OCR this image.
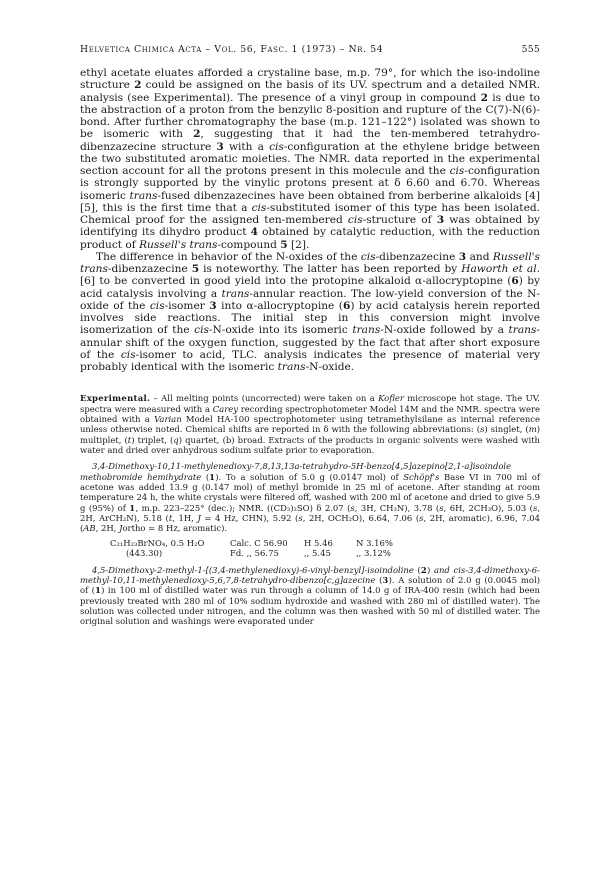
Helvetica Chimica Acta – Vol. 56, Fasc. 1 (1973) – Nr. 54	555

ethyl acetate eluates afforded a crystaline base, m.p. 79°, for which the iso-indoline structure 2 could be assigned on the basis of its UV. spectrum and a detailed NMR. analysis (see Experimental). The presence of a vinyl group in compound 2 is due to the abstraction of a proton from the benzylic 8-position and rupture of the C(7)-N(6)-bond. After further chromatography the base (m.p. 121–122°) isolated was shown to be isomeric with 2, suggesting that it had the ten-membered tetrahydro-dibenzazecine structure 3 with a cis-configuration at the ethylene bridge between the two substituted aromatic moieties. The NMR. data reported in the experimental section account for all the protons present in this molecule and the cis-configuration is strongly supported by the vinylic protons present at δ 6.60 and 6.70. Whereas isomeric trans-fused dibenzazecines have been obtained from berberine alkaloids [4] [5], this is the first time that a cis-substituted isomer of this type has been isolated. Chemical proof for the assigned ten-membered cis-structure of 3 was obtained by identifying its dihydro product 4 obtained by catalytic reduction, with the reduction product of Russell's trans-compound 5 [2].

The difference in behavior of the N-oxides of the cis-dibenzazecine 3 and Russell's trans-dibenzazecine 5 is noteworthy. The latter has been reported by Haworth et al. [6] to be converted in good yield into the protopine alkaloid α-allocryptopine (6) by acid catalysis involving a trans-annular reaction. The low-yield conversion of the N-oxide of the cis-isomer 3 into α-allocryptopine (6) by acid catalysis herein reported involves side reactions. The initial step in this conversion might involve isomerization of the cis-N-oxide into its isomeric trans-N-oxide followed by a trans-annular shift of the oxygen function, suggested by the fact that after short exposure of the cis-isomer to acid, TLC. analysis indicates the presence of material very probably identical with the isomeric trans-N-oxide.

Experimental. – All melting points (uncorrected) were taken on a Kofler microscope hot stage. The UV. spectra were measured with a Carey recording spectrophotometer Model 14M and the NMR. spectra were obtained with a Varian Model HA-100 spectrophotometer using tetramethylsilane as internal reference unless otherwise noted. Chemical shifts are reported in δ with the following abbreviations: (s) singlet, (m) multiplet, (t) triplet, (q) quartet, (b) broad. Extracts of the products in organic solvents were washed with water and dried over anhydrous sodium sulfate prior to evaporation.

3,4-Dimethoxy-10,11-methylenedioxy-7,8,13,13a-tetrahydro-5H-benzo[4,5]azepino[2,1-a]isoindole methobromide hemihydrate (1). To a solution of 5.0 g (0.0147 mol) of Schöpf's Base VI in 700 ml of acetone was added 13.9 g (0.147 mol) of methyl bromide in 25 ml of acetone. After standing at room temperature 24 h, the white crystals were filtered off, washed with 200 ml of acetone and dried to give 5.9 g (95%) of 1, m.p. 223–225° (dec.); NMR. ((CD₃)₂SO) δ 2.07 (s, 3H, CH₃N), 3.78 (s, 6H, 2CH₃O), 5.03 (s, 2H, ArCH₂N), 5.18 (t, 1H, J = 4 Hz, CHN), 5.92 (s, 2H, OCH₂O), 6.64, 7.06 (s, 2H, aromatic), 6.96, 7.04 (AB, 2H, Jortho = 8 Hz, aromatic).

C₂₁H₂₃BrNO₄, 0.5 H₂O	Calc. C 56.90	H 5.46	N 3.16%
(443.30)	Fd. ,, 56.75	,, 5.45	,, 3.12%

4,5-Dimethoxy-2-methyl-1-[(3,4-methylenedioxy)-6-vinyl-benzyl]-isoindoline (2) and cis-3,4-dimethoxy-6-methyl-10,11-methylenedioxy-5,6,7,8-tetrahydro-dibenzo[c,g]azecine (3). A solution of 2.0 g (0.0045 mol) of (1) in 100 ml of distilled water was run through a column of 14.0 g of IRA-400 resin (which had been previously treated with 280 ml of 10% sodium hydroxide and washed with 280 ml of distilled water). The solution was collected under nitrogen, and the column was then washed with 50 ml of distilled water. The original solution and washings were evaporated under
